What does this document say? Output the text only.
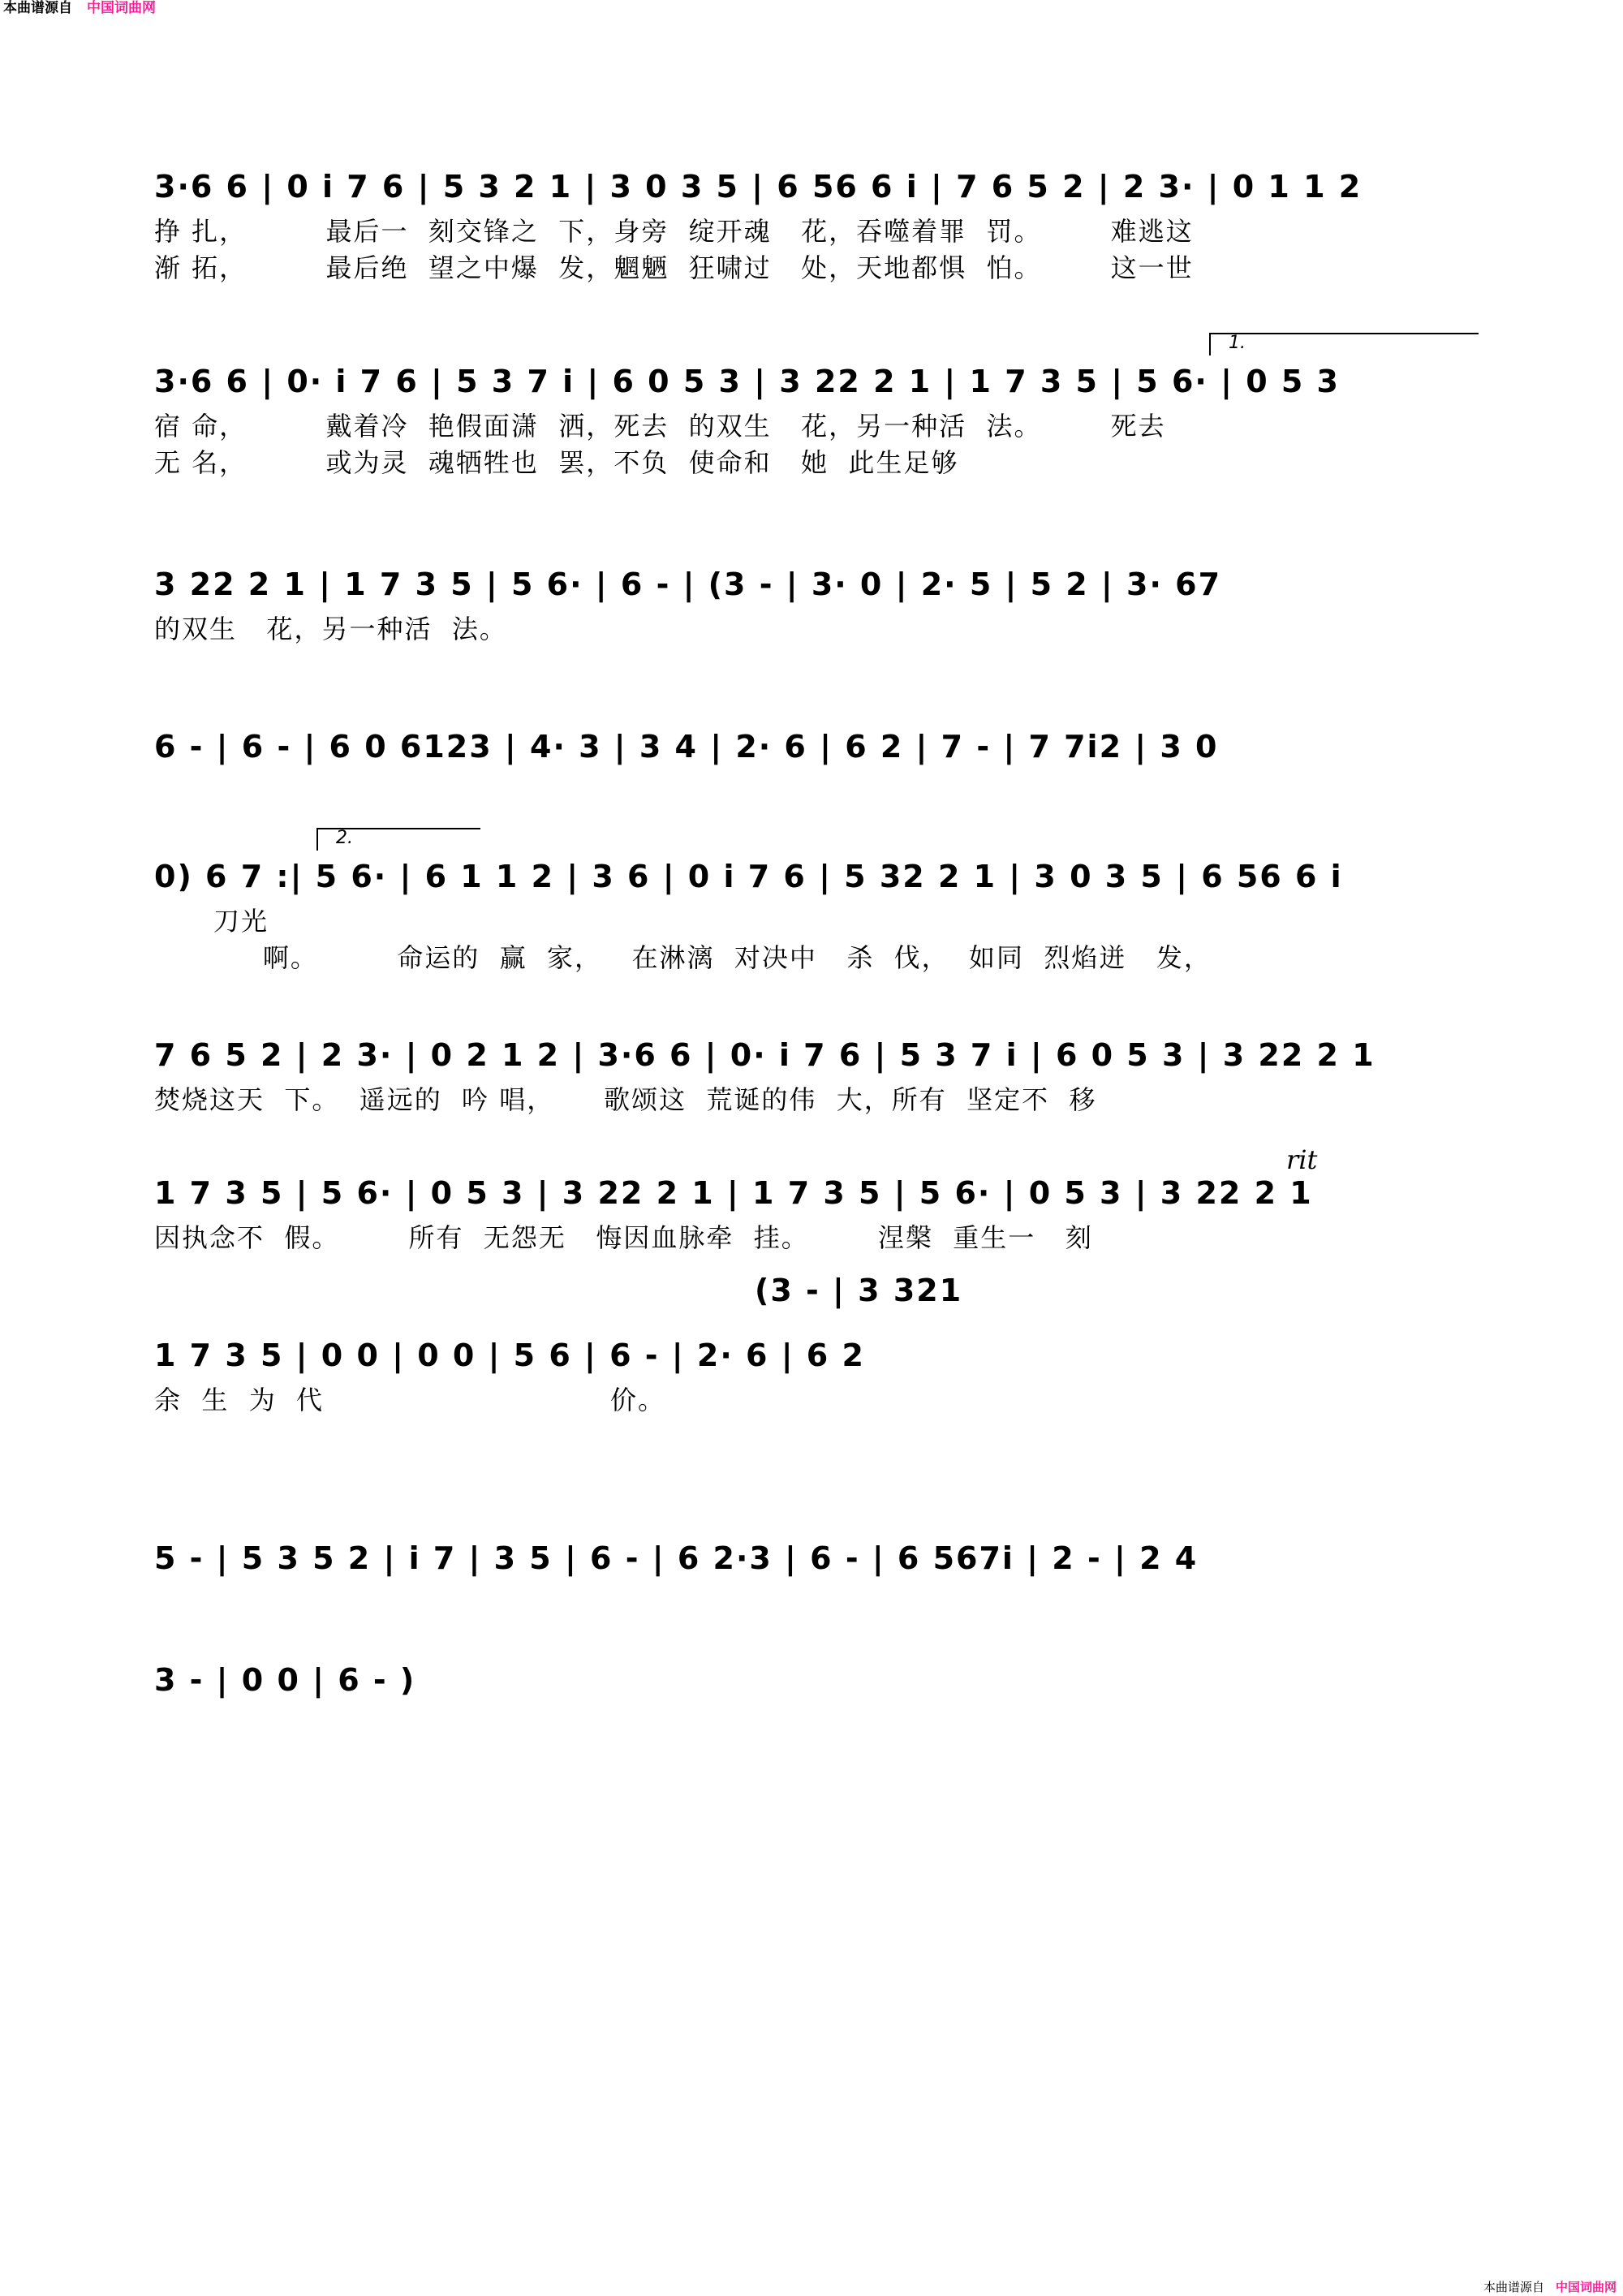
本曲谱源自 中国词曲网
3·6 6 | 0 i 7 6 | 5 3 2 1 | 3 0 3 5 | 6 56 6 i | 7 6 5 2 | 2 3· | 0 1 1 2
挣 扎，        最后一  刻交锋之  下，身旁  绽开魂   花，吞噬着罪  罚。       难逃这
渐 拓，        最后绝  望之中爆  发，魍魉  狂啸过   处，天地都惧  怕。       这一世
1.
3·6 6 | 0· i 7 6 | 5 3 7 i | 6 0 5 3 | 3 22 2 1 | 1 7 3 5 | 5 6· | 0 5 3
宿 命，        戴着冷  艳假面潇  洒，死去  的双生   花，另一种活  法。       死去
无 名，        或为灵  魂牺牲也  罢，不负  使命和   她  此生足够
3 22 2 1 | 1 7 3 5 | 5 6· | 6 - | (3 - | 3· 0 | 2· 5 | 5 2 | 3· 67
的双生   花，另一种活  法。
6 - | 6 - | 6 0 6123 | 4· 3 | 3 4 | 2· 6 | 6 2 | 7 - | 7 7i2 | 3 0
2.
0) 6 7 :| 5 6· | 6 1 1 2 | 3 6 | 0 i 7 6 | 5 32 2 1 | 3 0 3 5 | 6 56 6 i
刀光
啊。        命运的  赢  家，   在淋漓  对决中   杀  伐，  如同  烈焰迸   发，
7 6 5 2 | 2 3· | 0 2 1 2 | 3·6 6 | 0· i 7 6 | 5 3 7 i | 6 0 5 3 | 3 22 2 1
焚烧这天  下。  遥远的  吟 唱，     歌颂这  荒诞的伟  大，所有  坚定不  移
rit
1 7 3 5 | 5 6· | 0 5 3 | 3 22 2 1 | 1 7 3 5 | 5 6· | 0 5 3 | 3 22 2 1
因执念不  假。       所有  无怨无   悔因血脉牵  挂。       涅槃  重生一   刻
(3 - | 3 321
1 7 3 5 | 0 0 | 0 0 | 5 6 | 6 - | 2· 6 | 6 2
余  生  为  代                             价。
5 - | 5 3 5 2 | i 7 | 3 5 | 6 - | 6 2·3 | 6 - | 6 567i | 2 - | 2 4
3 - | 0 0 | 6 - )
本曲谱源自 中国词曲网
